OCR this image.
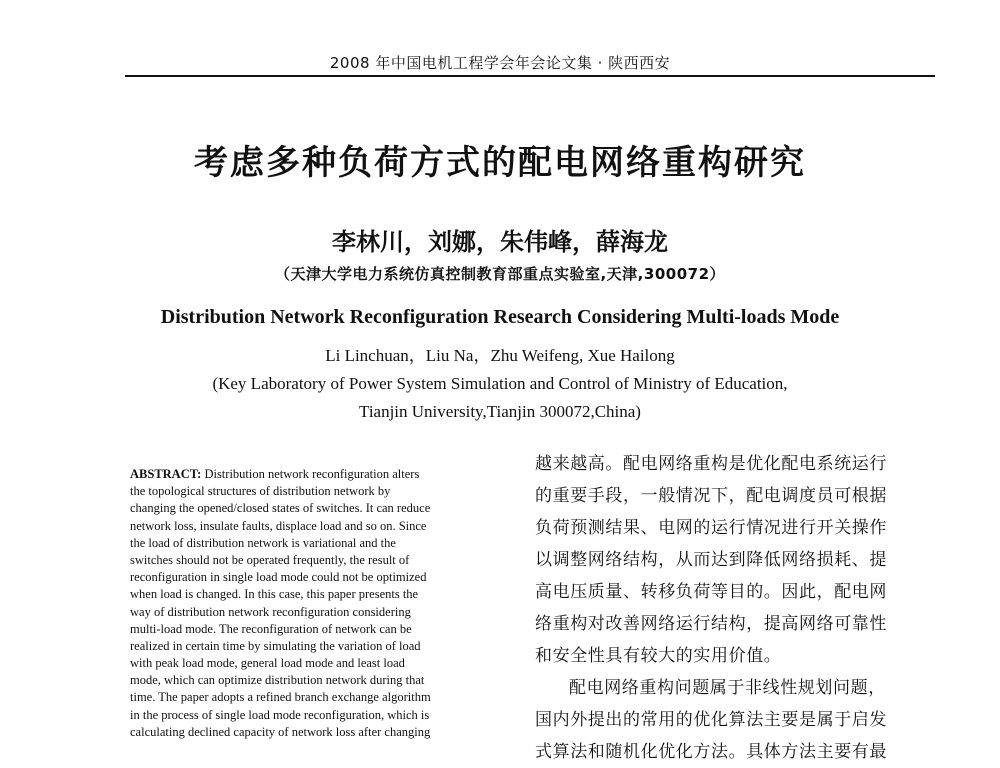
2008 年中国电机工程学会年会论文集 · 陕西西安
考虑多种负荷方式的配电网络重构研究
李林川，刘娜，朱伟峰，薛海龙
（天津大学电力系统仿真控制教育部重点实验室,天津,300072）
Distribution Network Reconfiguration Research Considering Multi-loads Mode
Li Linchuan，Liu Na，Zhu Weifeng, Xue Hailong
(Key Laboratory of Power System Simulation and Control of Ministry of Education,
Tianjin University,Tianjin 300072,China)
ABSTRACT: Distribution network reconfiguration alters
the topological structures of distribution network by
changing the opened/closed states of switches. It can reduce
network loss, insulate faults, displace load and so on. Since
the load of distribution network is variational and the
switches should not be operated frequently, the result of
reconfiguration in single load mode could not be optimized
when load is changed. In this case, this paper presents the
way of distribution network reconfiguration considering
multi-load mode. The reconfiguration of network can be
realized in certain time by simulating the variation of load
with peak load mode, general load mode and least load
mode, which can optimize distribution network during that
time. The paper adopts a refined branch exchange algorithm
in the process of single load mode reconfiguration, which is
calculating declined capacity of network loss after changing
越来越高。配电网络重构是优化配电系统运行
的重要手段，一般情况下，配电调度员可根据
负荷预测结果、电网的运行情况进行开关操作
以调整网络结构，从而达到降低网络损耗、提
高电压质量、转移负荷等目的。因此，配电网
络重构对改善网络运行结构，提高网络可靠性
和安全性具有较大的实用价值。
配电网络重构问题属于非线性规划问题，
国内外提出的常用的优化算法主要是属于启发
式算法和随机化优化方法。具体方法主要有最
